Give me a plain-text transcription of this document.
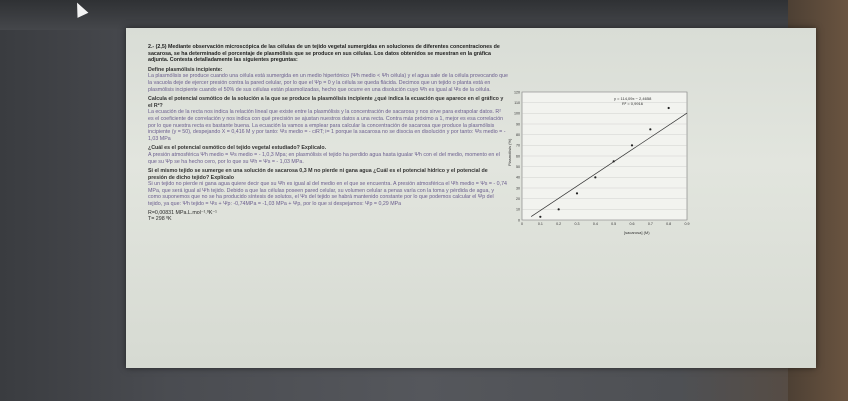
2.- (2,5) Mediante observación microscópica de las células de un tejido vegetal sumergidas en soluciones de diferentes concentraciones de sacarosa, se ha determinado el porcentaje de plasmólisis que se produce en sus células. Los datos obtenidos se muestran en la gráfica adjunta. Contesta detalladamente las siguientes preguntas:

Define plasmólisis incipiente:

La plasmólisis se produce cuando una célula está sumergida en un medio hipertónico (Ψh medio < Ψh célula) y el agua sale de la célula provocando que la vacuola deje de ejercer presión contra la pared celular, por lo que el Ψp = 0 y la célula se queda flácida. Decimos que un tejido o planta está en plasmólisis incipiente cuando el 50% de sus células están plasmolizadas, hecho que ocurre en una disolución cuyo Ψh es igual al Ψs de la célula.

Calcula el potencial osmótico de la solución a la que se produce la plasmólisis incipiente ¿qué indica la ecuación que aparece en el gráfico y el R²?

La ecuación de la recta nos indica la relación lineal que existe entre la plasmólisis y la concentración de sacarosa y nos sirve para extrapolar datos. R² es el coeficiente de correlación y nos indica con qué precisión se ajustan nuestros datos a una recta. Contra más próximo a 1, mejor es esa correlación por lo que nuestra recta es bastante buena. La ecuación la vamos a emplear para calcular la concentración de sacarosa que produce la plasmólisis incipiente (y = 50), despejando X = 0,416 M y por tanto: Ψs medio = - ciRT; i= 1 porque la sacarosa no se disocia en disolución y por tanto: Ψs medio = - 1,03 MPa

¿Cuál es el potencial osmótico del tejido vegetal estudiado? Explícalo.

A presión atmosférica Ψh medio = Ψs medio = - 1,0,3 Mpa; en plasmólisis el tejido ha perdido agua hasta igualar Ψh con el del medio, momento en el que su Ψp se ha hecho cero, por lo que su Ψh = Ψs = - 1,03 MPa.

Si el mismo tejido se sumerge en una solución de sacarosa 0,3 M no pierde ni gana agua ¿Cuál es el potencial hídrico y el potencial de presión de dicho tejido? Explícalo

Si un tejido no pierde ni gana agua quiere decir que su Ψh es igual al del medio en el que se encuentra. A presión atmosférica el Ψh medio = Ψs = - 0,74 MPa, que será igual al Ψh tejido. Debido a que las células poseen pared celular, su volumen celular a penas varía con la toma y pérdida de agua, y como suponemos que no se ha producido síntesis de solutos, el Ψs del tejido se habrá mantenido constante por lo que podemos calcular el Ψp del tejido, ya que: Ψh tejido = Ψs + Ψp: -0,74MPa = -1,03 MPa + Ψp, por lo que si despejamos: Ψp = 0,29 MPa

R=0,00831 MPa.L.mol⁻¹.ºK⁻¹

T= 298 ºK	0
10
20
30
40
50
60
70
80
90
100
110
120
0	0.1	0.2	0.3	0.4	0.5	0.6	0.7	0.8	0.9
y = 114,09x − 2,4658
R² = 0,9916
[sacarosa] (M)
Plasmólisis (%)
